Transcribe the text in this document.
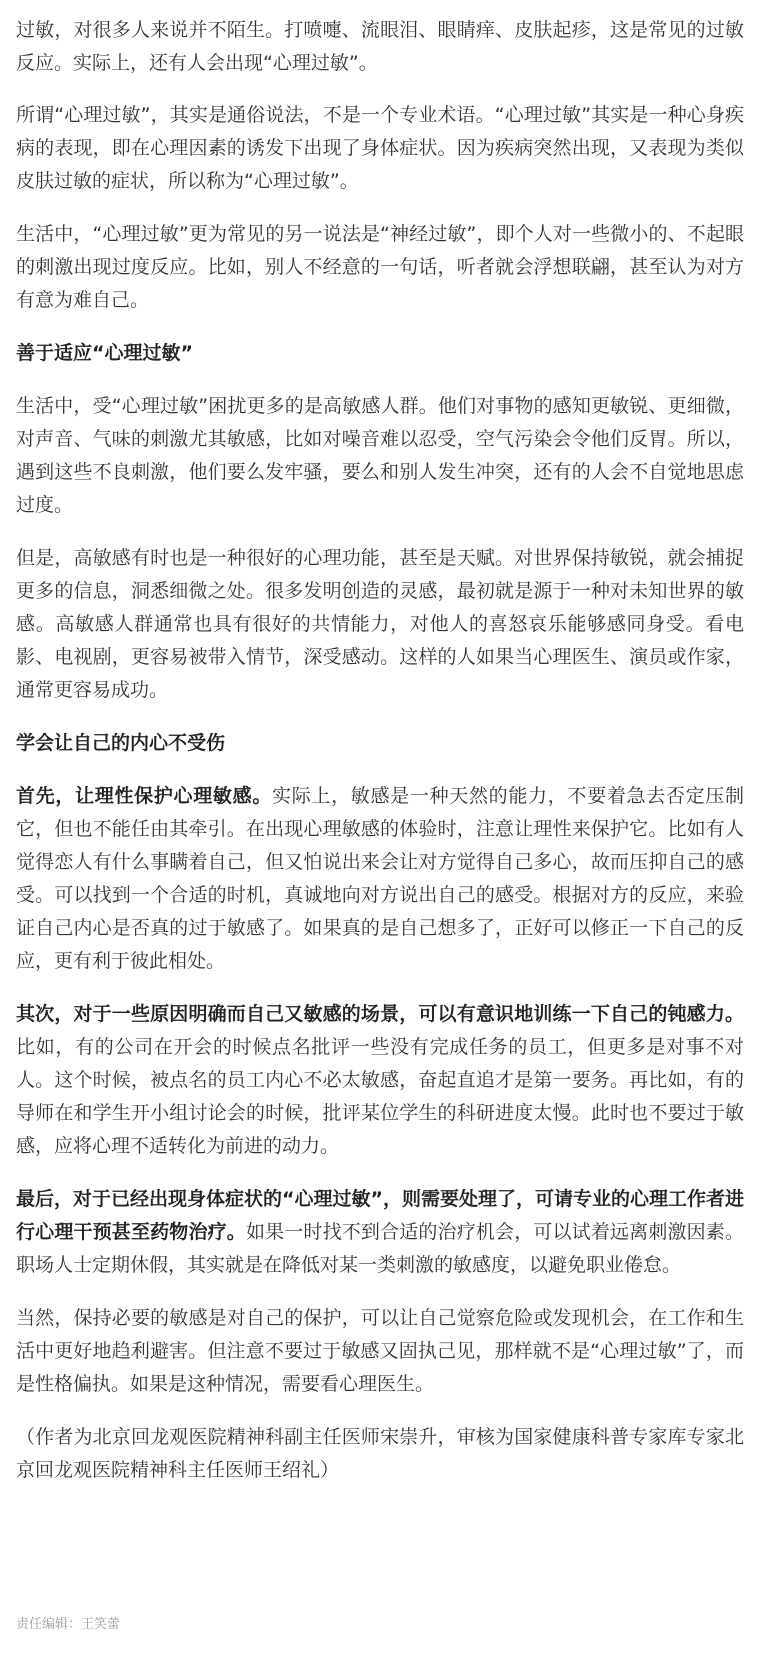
过敏，对很多人来说并不陌生。打喷嚏、流眼泪、眼睛痒、皮肤起疹，这是常见的过敏反应。实际上，还有人会出现“心理过敏”。

所谓“心理过敏”，其实是通俗说法，不是一个专业术语。“心理过敏”其实是一种心身疾病的表现，即在心理因素的诱发下出现了身体症状。因为疾病突然出现，又表现为类似皮肤过敏的症状，所以称为“心理过敏”。

生活中，“心理过敏”更为常见的另一说法是“神经过敏”，即个人对一些微小的、不起眼的刺激出现过度反应。比如，别人不经意的一句话，听者就会浮想联翩，甚至认为对方有意为难自己。

善于适应“心理过敏”

生活中，受“心理过敏”困扰更多的是高敏感人群。他们对事物的感知更敏锐、更细微，对声音、气味的刺激尤其敏感，比如对噪音难以忍受，空气污染会令他们反胃。所以，遇到这些不良刺激，他们要么发牢骚，要么和别人发生冲突，还有的人会不自觉地思虑过度。

但是，高敏感有时也是一种很好的心理功能，甚至是天赋。对世界保持敏锐，就会捕捉更多的信息，洞悉细微之处。很多发明创造的灵感，最初就是源于一种对未知世界的敏感。高敏感人群通常也具有很好的共情能力，对他人的喜怒哀乐能够感同身受。看电影、电视剧，更容易被带入情节，深受感动。这样的人如果当心理医生、演员或作家，通常更容易成功。

学会让自己的内心不受伤

首先，让理性保护心理敏感。实际上，敏感是一种天然的能力，不要着急去否定压制它，但也不能任由其牵引。在出现心理敏感的体验时，注意让理性来保护它。比如有人觉得恋人有什么事瞒着自己，但又怕说出来会让对方觉得自己多心，故而压抑自己的感受。可以找到一个合适的时机，真诚地向对方说出自己的感受。根据对方的反应，来验证自己内心是否真的过于敏感了。如果真的是自己想多了，正好可以修正一下自己的反应，更有利于彼此相处。

其次，对于一些原因明确而自己又敏感的场景，可以有意识地训练一下自己的钝感力。比如，有的公司在开会的时候点名批评一些没有完成任务的员工，但更多是对事不对人。这个时候，被点名的员工内心不必太敏感，奋起直追才是第一要务。再比如，有的导师在和学生开小组讨论会的时候，批评某位学生的科研进度太慢。此时也不要过于敏感，应将心理不适转化为前进的动力。

最后，对于已经出现身体症状的“心理过敏”，则需要处理了，可请专业的心理工作者进行心理干预甚至药物治疗。如果一时找不到合适的治疗机会，可以试着远离刺激因素。职场人士定期休假，其实就是在降低对某一类刺激的敏感度，以避免职业倦怠。

当然，保持必要的敏感是对自己的保护，可以让自己觉察危险或发现机会，在工作和生活中更好地趋利避害。但注意不要过于敏感又固执己见，那样就不是“心理过敏”了，而是性格偏执。如果是这种情况，需要看心理医生。

（作者为北京回龙观医院精神科副主任医师宋崇升，审核为国家健康科普专家库专家北京回龙观医院精神科主任医师王绍礼）

责任编辑：王笑蕾
